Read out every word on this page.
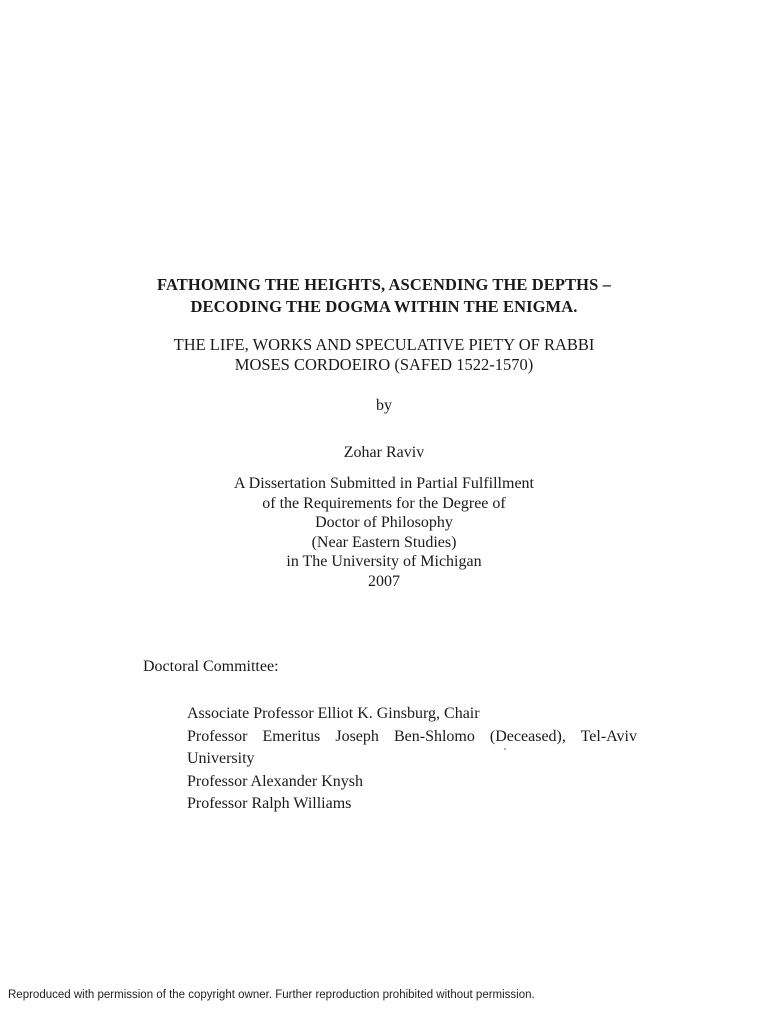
FATHOMING THE HEIGHTS, ASCENDING THE DEPTHS –
DECODING THE DOGMA WITHIN THE ENIGMA.
THE LIFE, WORKS AND SPECULATIVE PIETY OF RABBI
MOSES CORDOEIRO (SAFED 1522-1570)
by
Zohar Raviv
A Dissertation Submitted in Partial Fulfillment
of the Requirements for the Degree of
Doctor of Philosophy
(Near Eastern Studies)
in The University of Michigan
2007
Doctoral Committee:
Associate Professor Elliot K. Ginsburg, Chair
Professor Emeritus Joseph Ben-Shlomo (Deceased), Tel-Aviv
University
Professor Alexander Knysh
Professor Ralph Williams
Reproduced with permission of the copyright owner. Further reproduction prohibited without permission.
